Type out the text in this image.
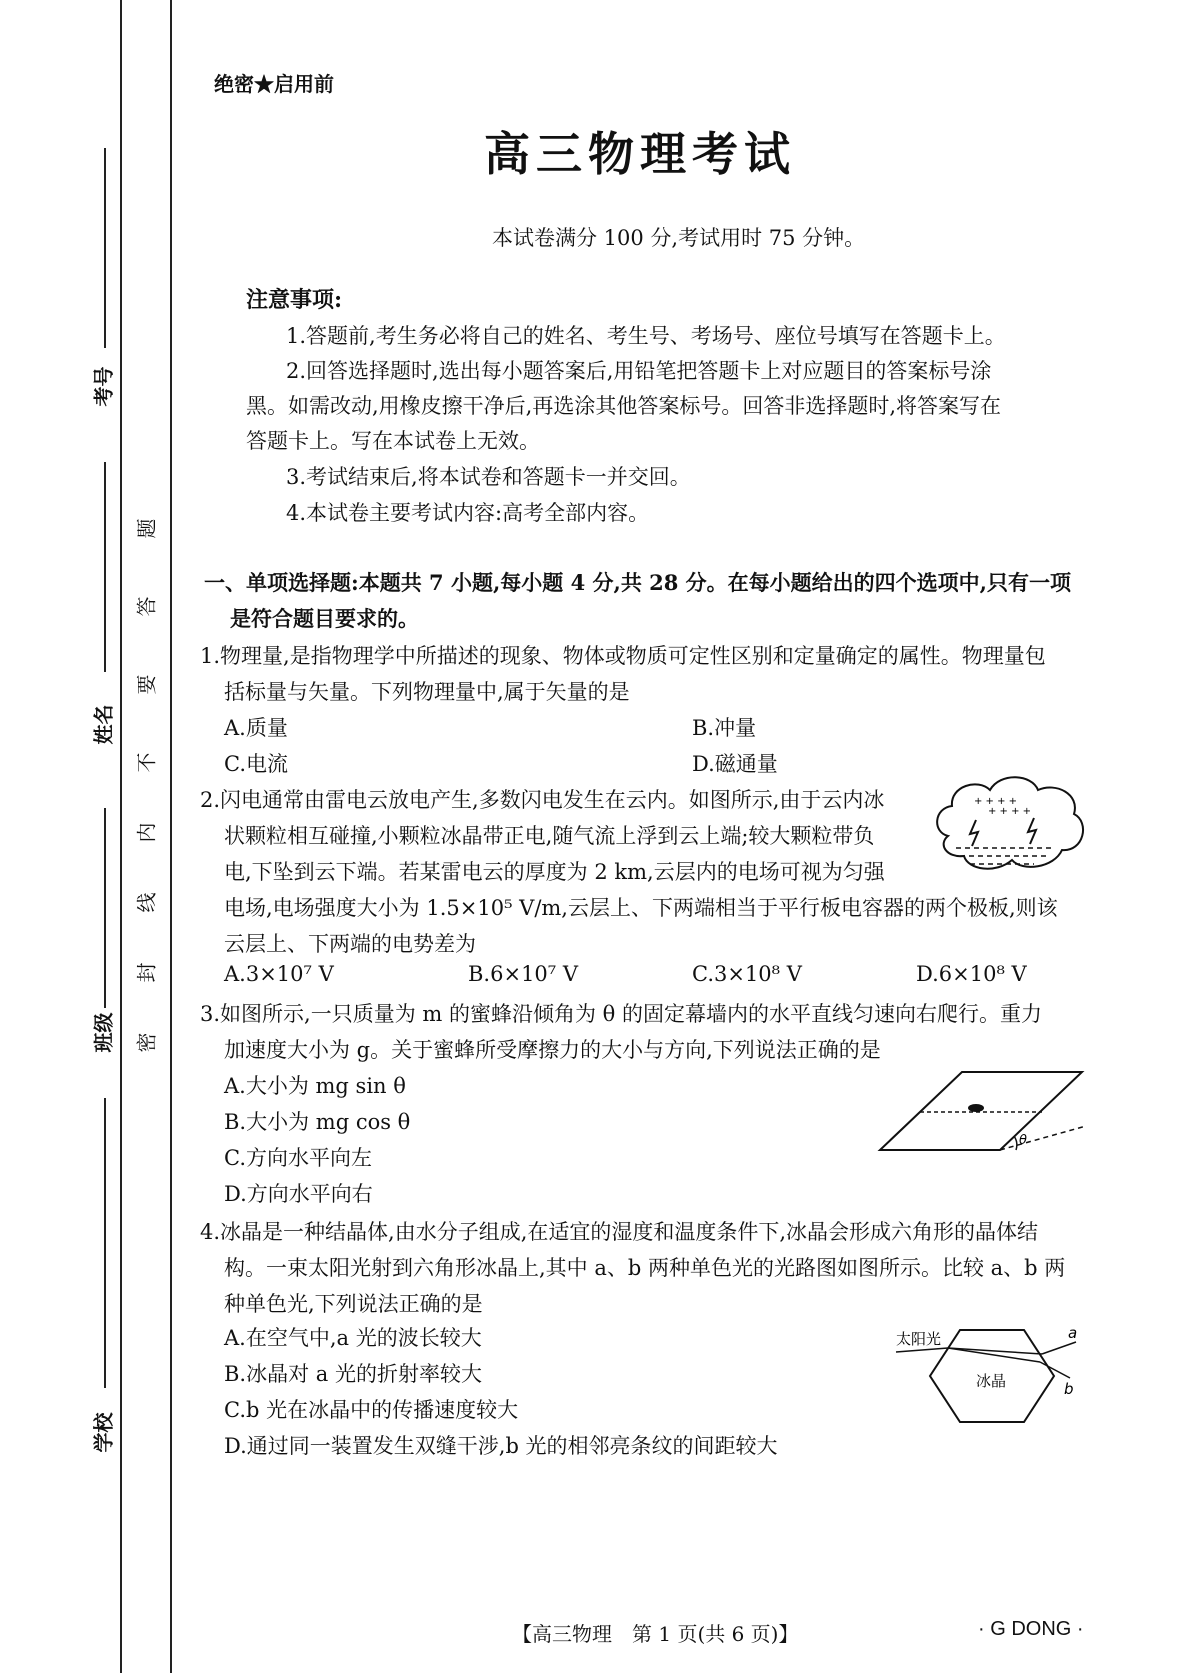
考号
姓名
班级
学校
密
封
线
内
不
要
答
题
绝密★启用前
高三物理考试
本试卷满分 100 分,考试用时 75 分钟。
注意事项:
1.答题前,考生务必将自己的姓名、考生号、考场号、座位号填写在答题卡上。
2.回答选择题时,选出每小题答案后,用铅笔把答题卡上对应题目的答案标号涂
黑。如需改动,用橡皮擦干净后,再选涂其他答案标号。回答非选择题时,将答案写在
答题卡上。写在本试卷上无效。
3.考试结束后,将本试卷和答题卡一并交回。
4.本试卷主要考试内容:高考全部内容。
一、单项选择题:本题共 7 小题,每小题 4 分,共 28 分。在每小题给出的四个选项中,只有一项
是符合题目要求的。
1.物理量,是指物理学中所描述的现象、物体或物质可定性区别和定量确定的属性。物理量包
括标量与矢量。下列物理量中,属于矢量的是
A.质量	B.冲量
C.电流	D.磁通量
2.闪电通常由雷电云放电产生,多数闪电发生在云内。如图所示,由于云内冰
状颗粒相互碰撞,小颗粒冰晶带正电,随气流上浮到云上端;较大颗粒带负
电,下坠到云下端。若某雷电云的厚度为 2 km,云层内的电场可视为匀强
电场,电场强度大小为 1.5×10⁵ V/m,云层上、下两端相当于平行板电容器的两个极板,则该
云层上、下两端的电势差为
A.3×10⁷ V	B.6×10⁷ V	C.3×10⁸ V	D.6×10⁸ V
+ + + +
+ + + +
3.如图所示,一只质量为 m 的蜜蜂沿倾角为 θ 的固定幕墙内的水平直线匀速向右爬行。重力
加速度大小为 g。关于蜜蜂所受摩擦力的大小与方向,下列说法正确的是
A.大小为 mg sin θ
B.大小为 mg cos θ
C.方向水平向左
D.方向水平向右
θ
4.冰晶是一种结晶体,由水分子组成,在适宜的湿度和温度条件下,冰晶会形成六角形的晶体结
构。一束太阳光射到六角形冰晶上,其中 a、b 两种单色光的光路图如图所示。比较 a、b 两
种单色光,下列说法正确的是
A.在空气中,a 光的波长较大
B.冰晶对 a 光的折射率较大
C.b 光在冰晶中的传播速度较大
D.通过同一装置发生双缝干涉,b 光的相邻亮条纹的间距较大
太阳光
冰晶
a
b
【高三物理　第 1 页(共 6 页)】	· G DONG ·
